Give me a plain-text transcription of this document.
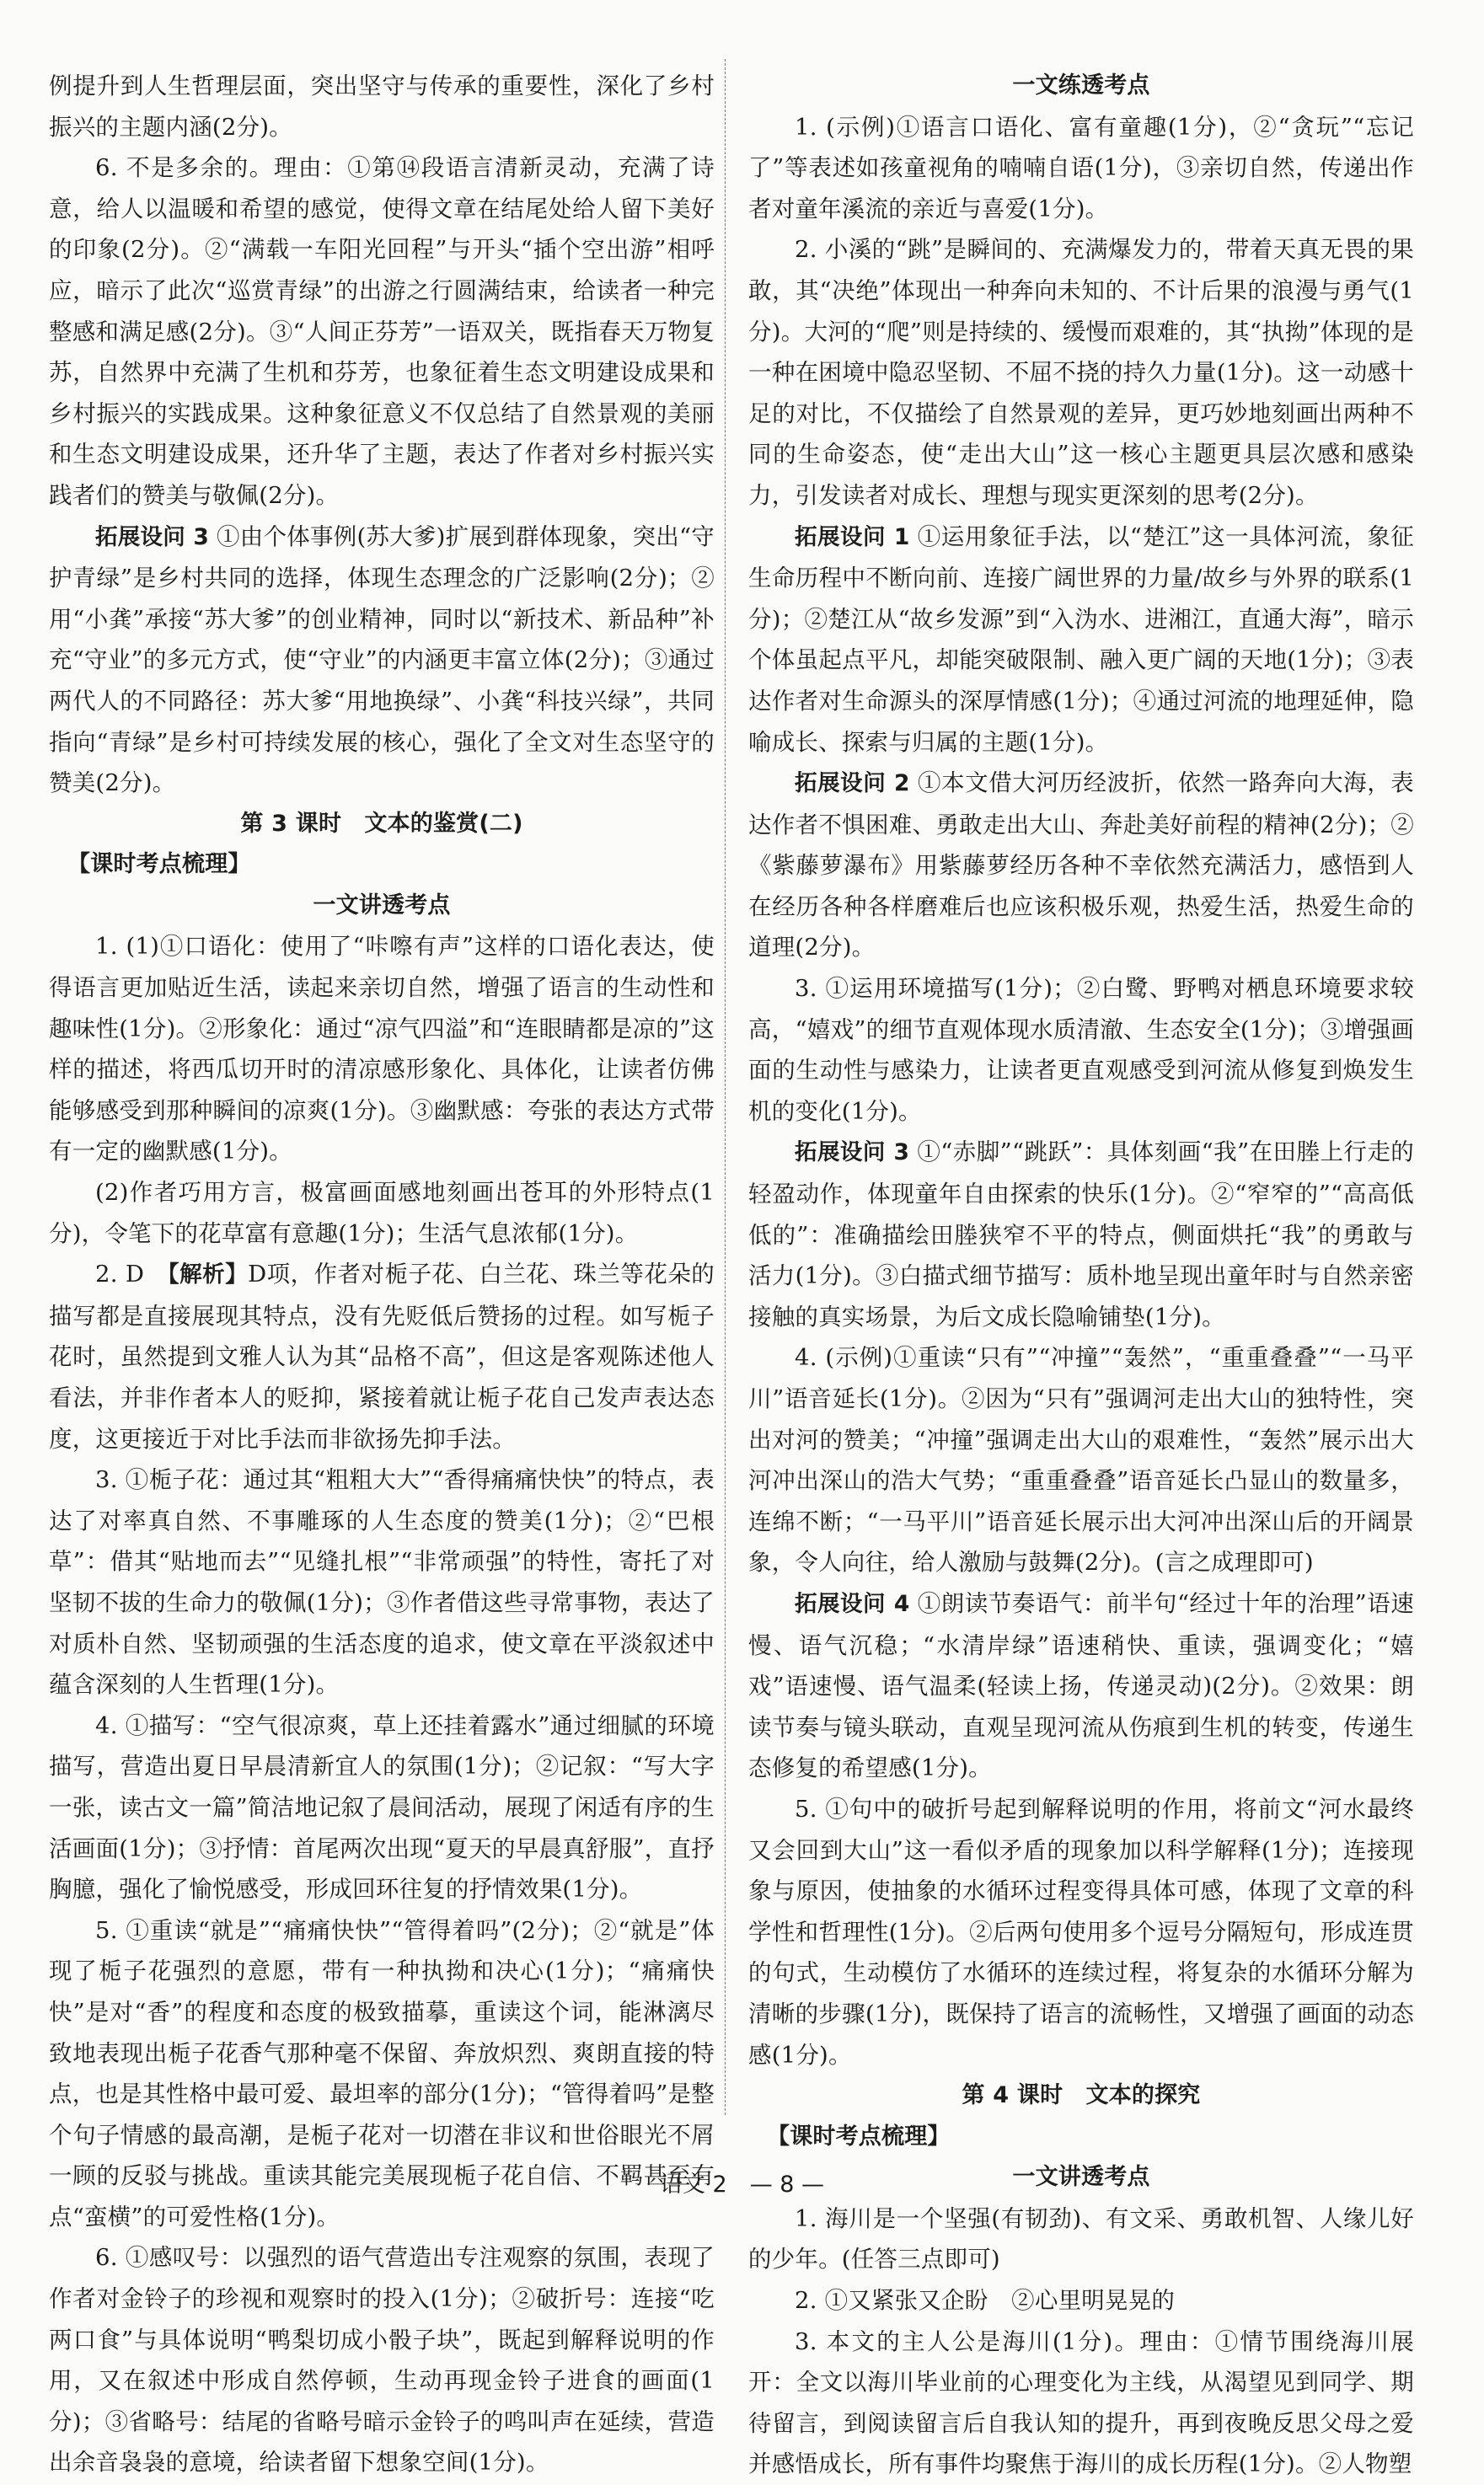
例提升到人生哲理层面，突出坚守与传承的重要性，深化了乡村振兴的主题内涵(2分)。
6. 不是多余的。理由：①第⑭段语言清新灵动，充满了诗意，给人以温暖和希望的感觉，使得文章在结尾处给人留下美好的印象(2分)。②“满载一车阳光回程”与开头“插个空出游”相呼应，暗示了此次“巡赏青绿”的出游之行圆满结束，给读者一种完整感和满足感(2分)。③“人间正芬芳”一语双关，既指春天万物复苏，自然界中充满了生机和芬芳，也象征着生态文明建设成果和乡村振兴的实践成果。这种象征意义不仅总结了自然景观的美丽和生态文明建设成果，还升华了主题，表达了作者对乡村振兴实践者们的赞美与敬佩(2分)。
拓展设问 3 ①由个体事例(苏大爹)扩展到群体现象，突出“守护青绿”是乡村共同的选择，体现生态理念的广泛影响(2分)；②用“小龚”承接“苏大爹”的创业精神，同时以“新技术、新品种”补充“守业”的多元方式，使“守业”的内涵更丰富立体(2分)；③通过两代人的不同路径：苏大爹“用地换绿”、小龚“科技兴绿”，共同指向“青绿”是乡村可持续发展的核心，强化了全文对生态坚守的赞美(2分)。
第 3 课时　文本的鉴赏(二)
【课时考点梳理】
一文讲透考点
1. (1)①口语化：使用了“咔嚓有声”这样的口语化表达，使得语言更加贴近生活，读起来亲切自然，增强了语言的生动性和趣味性(1分)。②形象化：通过“凉气四溢”和“连眼睛都是凉的”这样的描述，将西瓜切开时的清凉感形象化、具体化，让读者仿佛能够感受到那种瞬间的凉爽(1分)。③幽默感：夸张的表达方式带有一定的幽默感(1分)。
(2)作者巧用方言，极富画面感地刻画出苍耳的外形特点(1分)，令笔下的花草富有意趣(1分)；生活气息浓郁(1分)。
2. D　【解析】D项，作者对栀子花、白兰花、珠兰等花朵的描写都是直接展现其特点，没有先贬低后赞扬的过程。如写栀子花时，虽然提到文雅人认为其“品格不高”，但这是客观陈述他人看法，并非作者本人的贬抑，紧接着就让栀子花自己发声表达态度，这更接近于对比手法而非欲扬先抑手法。
3. ①栀子花：通过其“粗粗大大”“香得痛痛快快”的特点，表达了对率真自然、不事雕琢的人生态度的赞美(1分)；②“巴根草”：借其“贴地而去”“见缝扎根”“非常顽强”的特性，寄托了对坚韧不拔的生命力的敬佩(1分)；③作者借这些寻常事物，表达了对质朴自然、坚韧顽强的生活态度的追求，使文章在平淡叙述中蕴含深刻的人生哲理(1分)。
4. ①描写：“空气很凉爽，草上还挂着露水”通过细腻的环境描写，营造出夏日早晨清新宜人的氛围(1分)；②记叙：“写大字一张，读古文一篇”简洁地记叙了晨间活动，展现了闲适有序的生活画面(1分)；③抒情：首尾两次出现“夏天的早晨真舒服”，直抒胸臆，强化了愉悦感受，形成回环往复的抒情效果(1分)。
5. ①重读“就是”“痛痛快快”“管得着吗”(2分)；②“就是”体现了栀子花强烈的意愿，带有一种执拗和决心(1分)；“痛痛快快”是对“香”的程度和态度的极致描摹，重读这个词，能淋漓尽致地表现出栀子花香气那种毫不保留、奔放炽烈、爽朗直接的特点，也是其性格中最可爱、最坦率的部分(1分)；“管得着吗”是整个句子情感的最高潮，是栀子花对一切潜在非议和世俗眼光不屑一顾的反驳与挑战。重读其能完美展现栀子花自信、不羁甚至有点“蛮横”的可爱性格(1分)。
6. ①感叹号：以强烈的语气营造出专注观察的氛围，表现了作者对金铃子的珍视和观察时的投入(1分)；②破折号：连接“吃两口食”与具体说明“鸭梨切成小骰子块”，既起到解释说明的作用，又在叙述中形成自然停顿，生动再现金铃子进食的画面(1分)；③省略号：结尾的省略号暗示金铃子的鸣叫声在延续，营造出余音袅袅的意境，给读者留下想象空间(1分)。
一文练透考点
1. (示例)①语言口语化、富有童趣(1分)，②“贪玩”“忘记了”等表述如孩童视角的喃喃自语(1分)，③亲切自然，传递出作者对童年溪流的亲近与喜爱(1分)。
2. 小溪的“跳”是瞬间的、充满爆发力的，带着天真无畏的果敢，其“决绝”体现出一种奔向未知的、不计后果的浪漫与勇气(1分)。大河的“爬”则是持续的、缓慢而艰难的，其“执拗”体现的是一种在困境中隐忍坚韧、不屈不挠的持久力量(1分)。这一动感十足的对比，不仅描绘了自然景观的差异，更巧妙地刻画出两种不同的生命姿态，使“走出大山”这一核心主题更具层次感和感染力，引发读者对成长、理想与现实更深刻的思考(2分)。
拓展设问 1 ①运用象征手法，以“楚江”这一具体河流，象征生命历程中不断向前、连接广阔世界的力量/故乡与外界的联系(1分)；②楚江从“故乡发源”到“入沩水、进湘江，直通大海”，暗示个体虽起点平凡，却能突破限制、融入更广阔的天地(1分)；③表达作者对生命源头的深厚情感(1分)；④通过河流的地理延伸，隐喻成长、探索与归属的主题(1分)。
拓展设问 2 ①本文借大河历经波折，依然一路奔向大海，表达作者不惧困难、勇敢走出大山、奔赴美好前程的精神(2分)；②《紫藤萝瀑布》用紫藤萝经历各种不幸依然充满活力，感悟到人在经历各种各样磨难后也应该积极乐观，热爱生活，热爱生命的道理(2分)。
3. ①运用环境描写(1分)；②白鹭、野鸭对栖息环境要求较高，“嬉戏”的细节直观体现水质清澈、生态安全(1分)；③增强画面的生动性与感染力，让读者更直观感受到河流从修复到焕发生机的变化(1分)。
拓展设问 3 ①“赤脚”“跳跃”：具体刻画“我”在田塍上行走的轻盈动作，体现童年自由探索的快乐(1分)。②“窄窄的”“高高低低的”：准确描绘田塍狭窄不平的特点，侧面烘托“我”的勇敢与活力(1分)。③白描式细节描写：质朴地呈现出童年时与自然亲密接触的真实场景，为后文成长隐喻铺垫(1分)。
4. (示例)①重读“只有”“冲撞”“轰然”，“重重叠叠”“一马平川”语音延长(1分)。②因为“只有”强调河走出大山的独特性，突出对河的赞美；“冲撞”强调走出大山的艰难性，“轰然”展示出大河冲出深山的浩大气势；“重重叠叠”语音延长凸显山的数量多，连绵不断；“一马平川”语音延长展示出大河冲出深山后的开阔景象，令人向往，给人激励与鼓舞(2分)。(言之成理即可)
拓展设问 4 ①朗读节奏语气：前半句“经过十年的治理”语速慢、语气沉稳；“水清岸绿”语速稍快、重读，强调变化；“嬉戏”语速慢、语气温柔(轻读上扬，传递灵动)(2分)。②效果：朗读节奏与镜头联动，直观呈现河流从伤痕到生机的转变，传递生态修复的希望感(1分)。
5. ①句中的破折号起到解释说明的作用，将前文“河水最终又会回到大山”这一看似矛盾的现象加以科学解释(1分)；连接现象与原因，使抽象的水循环过程变得具体可感，体现了文章的科学性和哲理性(1分)。②后两句使用多个逗号分隔短句，形成连贯的句式，生动模仿了水循环的连续过程，将复杂的水循环分解为清晰的步骤(1分)，既保持了语言的流畅性，又增强了画面的动态感(1分)。
第 4 课时　文本的探究
【课时考点梳理】
一文讲透考点
1. 海川是一个坚强(有韧劲)、有文采、勇敢机智、人缘儿好的少年。(任答三点即可)
2. ①又紧张又企盼　②心里明晃晃的
3. 本文的主人公是海川(1分)。理由：①情节围绕海川展开：全文以海川毕业前的心理变化为主线，从渴望见到同学、期待留言，到阅读留言后自我认知的提升，再到夜晚反思父母之爱并感悟成长，所有事件均聚焦于海川的成长历程(1分)。②人物塑
语文 2　— 8 —
